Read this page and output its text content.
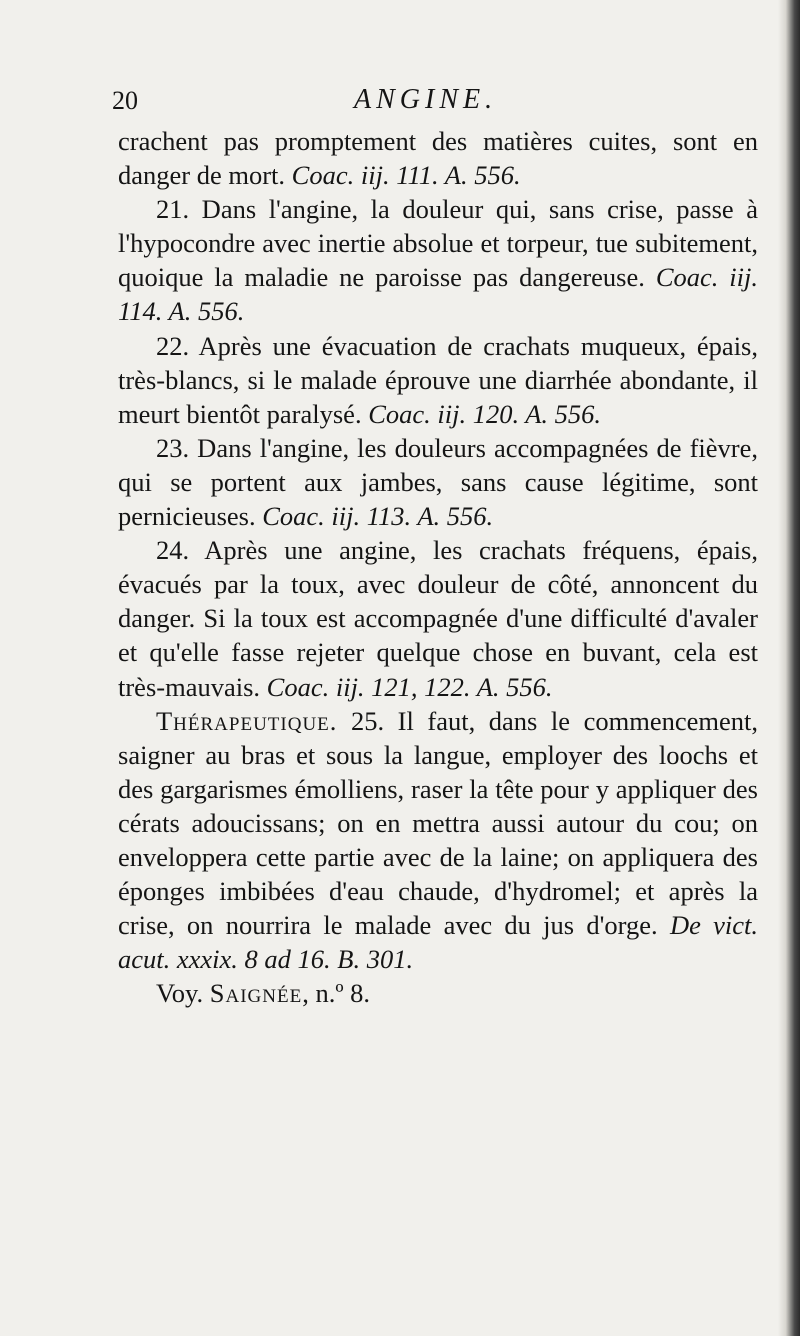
20	ANGINE.

crachent pas promptement des matières cuites, sont en danger de mort. Coac. iij. 111. A. 556.

21. Dans l'angine, la douleur qui, sans crise, passe à l'hypocondre avec inertie absolue et torpeur, tue subitement, quoique la maladie ne paroisse pas dangereuse. Coac. iij. 114. A. 556.

22. Après une évacuation de crachats muqueux, épais, très-blancs, si le malade éprouve une diarrhée abondante, il meurt bientôt paralysé. Coac. iij. 120. A. 556.

23. Dans l'angine, les douleurs accompagnées de fièvre, qui se portent aux jambes, sans cause légitime, sont pernicieuses. Coac. iij. 113. A. 556.

24. Après une angine, les crachats fréquens, épais, évacués par la toux, avec douleur de côté, annoncent du danger. Si la toux est accompagnée d'une difficulté d'avaler et qu'elle fasse rejeter quelque chose en buvant, cela est très-mauvais. Coac. iij. 121, 122. A. 556.

Thérapeutique. 25. Il faut, dans le commencement, saigner au bras et sous la langue, employer des loochs et des gargarismes émolliens, raser la tête pour y appliquer des cérats adoucissans; on en mettra aussi autour du cou; on enveloppera cette partie avec de la laine; on appliquera des éponges imbibées d'eau chaude, d'hydromel; et après la crise, on nourrira le malade avec du jus d'orge. De vict. acut. xxxix. 8 ad 16. B. 301.

Voy. Saignée, n.º 8.
